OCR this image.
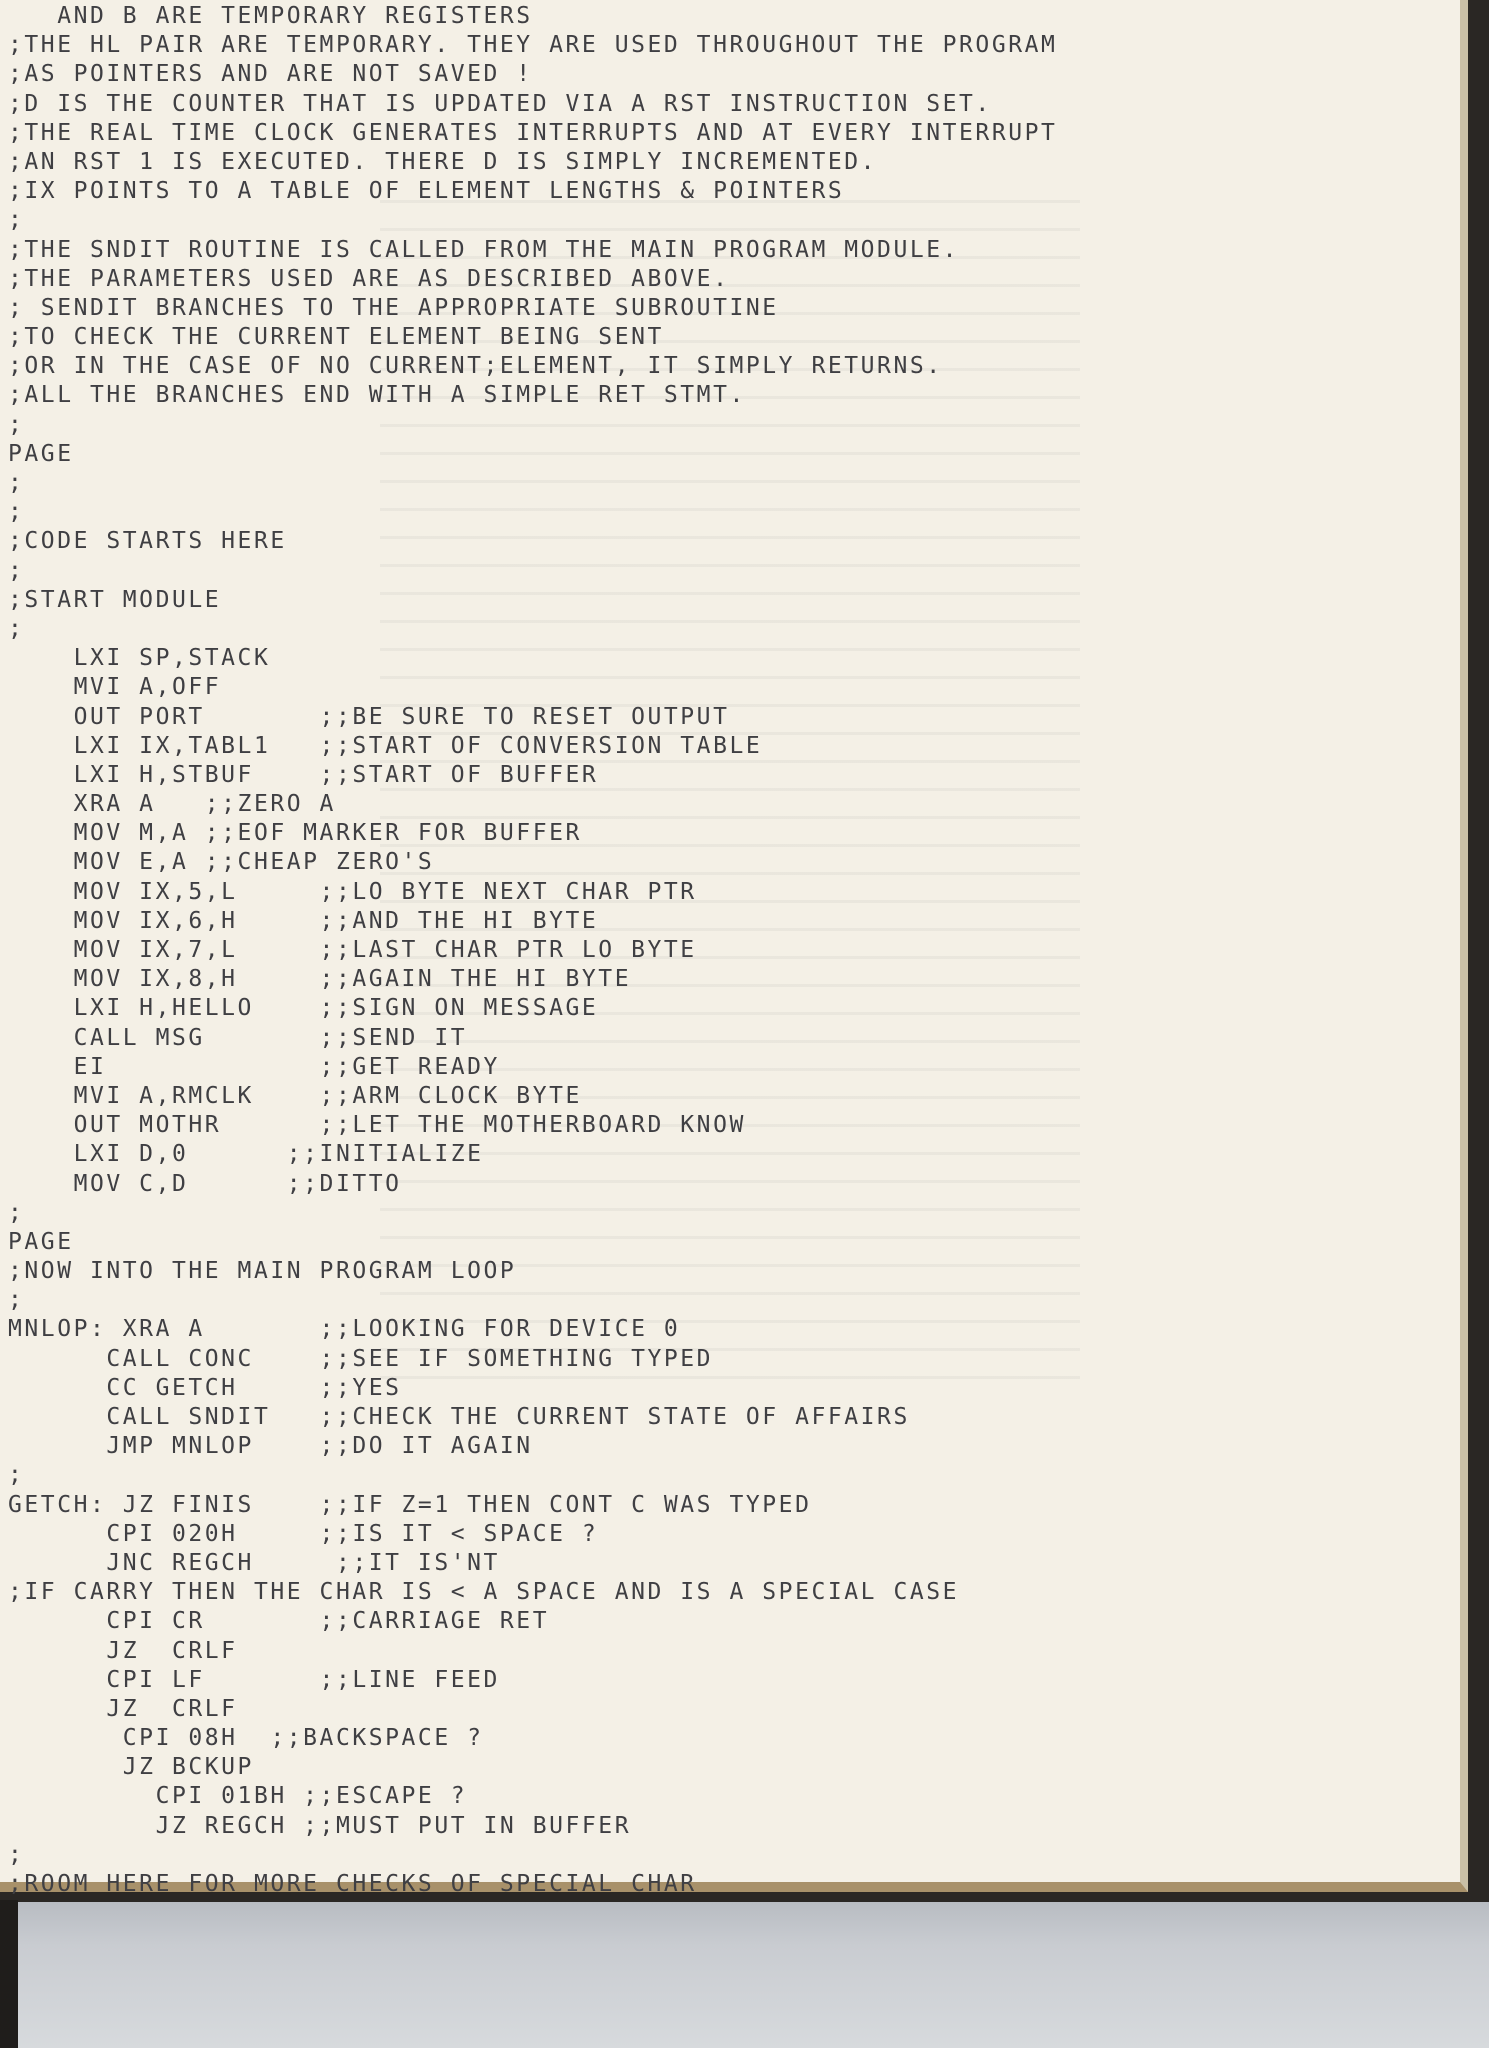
AND B ARE TEMPORARY REGISTERS
;THE HL PAIR ARE TEMPORARY. THEY ARE USED THROUGHOUT THE PROGRAM
;AS POINTERS AND ARE NOT SAVED !
;D IS THE COUNTER THAT IS UPDATED VIA A RST INSTRUCTION SET.
;THE REAL TIME CLOCK GENERATES INTERRUPTS AND AT EVERY INTERRUPT
;AN RST 1 IS EXECUTED. THERE D IS SIMPLY INCREMENTED.
;IX POINTS TO A TABLE OF ELEMENT LENGTHS & POINTERS
;
;THE SNDIT ROUTINE IS CALLED FROM THE MAIN PROGRAM MODULE.
;THE PARAMETERS USED ARE AS DESCRIBED ABOVE.
; SENDIT BRANCHES TO THE APPROPRIATE SUBROUTINE
;TO CHECK THE CURRENT ELEMENT BEING SENT
;OR IN THE CASE OF NO CURRENT;ELEMENT, IT SIMPLY RETURNS.
;ALL THE BRANCHES END WITH A SIMPLE RET STMT.
;
PAGE
;
;
;CODE STARTS HERE
;
;START MODULE
;
LXI SP,STACK
MVI A,OFF
OUT PORT       ;;BE SURE TO RESET OUTPUT
LXI IX,TABL1   ;;START OF CONVERSION TABLE
LXI H,STBUF    ;;START OF BUFFER
XRA A   ;;ZERO A
MOV M,A ;;EOF MARKER FOR BUFFER
MOV E,A ;;CHEAP ZERO'S
MOV IX,5,L     ;;LO BYTE NEXT CHAR PTR
MOV IX,6,H     ;;AND THE HI BYTE
MOV IX,7,L     ;;LAST CHAR PTR LO BYTE
MOV IX,8,H     ;;AGAIN THE HI BYTE
LXI H,HELLO    ;;SIGN ON MESSAGE
CALL MSG       ;;SEND IT
EI             ;;GET READY
MVI A,RMCLK    ;;ARM CLOCK BYTE
OUT MOTHR      ;;LET THE MOTHERBOARD KNOW
LXI D,0      ;;INITIALIZE
MOV C,D      ;;DITTO
;
PAGE
;NOW INTO THE MAIN PROGRAM LOOP
;
MNLOP: XRA A       ;;LOOKING FOR DEVICE 0
CALL CONC    ;;SEE IF SOMETHING TYPED
CC GETCH     ;;YES
CALL SNDIT   ;;CHECK THE CURRENT STATE OF AFFAIRS
JMP MNLOP    ;;DO IT AGAIN
;
GETCH: JZ FINIS    ;;IF Z=1 THEN CONT C WAS TYPED
CPI 020H     ;;IS IT < SPACE ?
JNC REGCH     ;;IT IS'NT
;IF CARRY THEN THE CHAR IS < A SPACE AND IS A SPECIAL CASE
CPI CR       ;;CARRIAGE RET
JZ  CRLF
CPI LF       ;;LINE FEED
JZ  CRLF
CPI 08H  ;;BACKSPACE ?
JZ BCKUP
CPI 01BH ;;ESCAPE ?
JZ REGCH ;;MUST PUT IN BUFFER
;
;ROOM HERE FOR MORE CHECKS OF SPECIAL CHAR
